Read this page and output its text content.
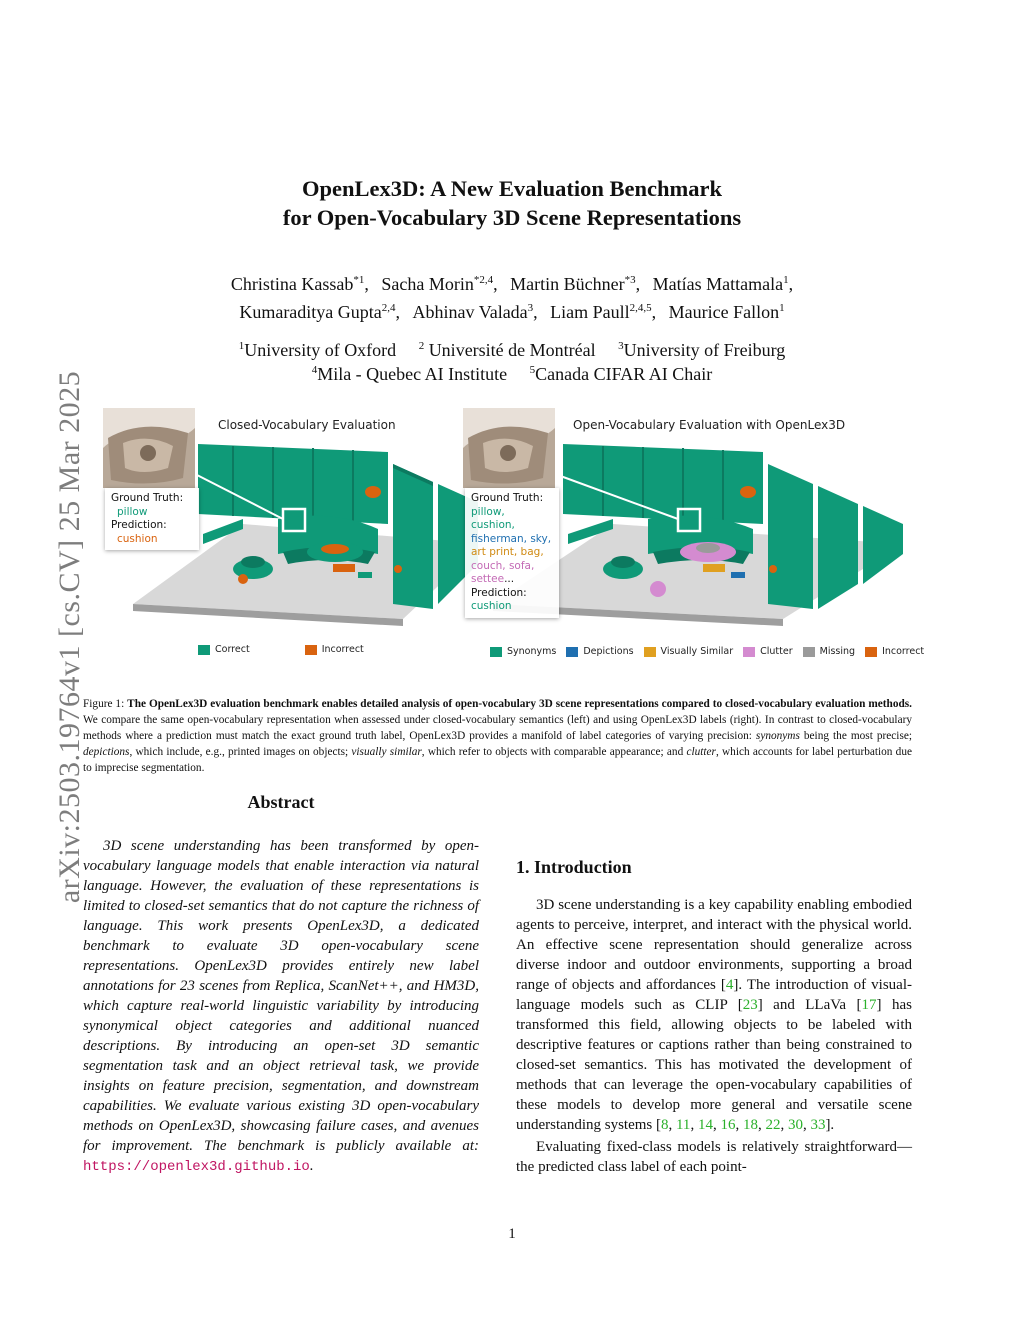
arXiv:2503.19764v1 [cs.CV] 25 Mar 2025
OpenLex3D: A New Evaluation Benchmark
for Open-Vocabulary 3D Scene Representations
Christina Kassab$^{*1}$, Sacha Morin$^{*2,4}$, Martin Büchner$^{*3}$, Matías Mattamala$^1$,
Kumaraditya Gupta$^{2,4}$, Abhinav Valada$^3$, Liam Paull$^{2,4,5}$, Maurice Fallon$^1$
$^1$University of Oxford $^2$ Université de Montréal $^3$University of Freiburg
$^4$Mila - Quebec AI Institute $^5$Canada CIFAR AI Chair
Closed-Vocabulary Evaluation
Ground Truth:
pillow
Prediction:
cushion
Open-Vocabulary Evaluation with OpenLex3D
Ground Truth:
pillow,
cushion,
fisherman, sky,
art print, bag,
couch, sofa,
settee...
Prediction:
cushion
Correct	Incorrect	Synonyms	Depictions	Visually Similar	Clutter	Missing	Incorrect
Figure 1: The OpenLex3D evaluation benchmark enables detailed analysis of open-vocabulary 3D scene representations compared to closed-vocabulary evaluation methods. We compare the same open-vocabulary representation when assessed under closed-vocabulary semantics (left) and using OpenLex3D labels (right). In contrast to closed-vocabulary methods where a prediction must match the exact ground truth label, OpenLex3D provides a manifold of label categories of varying precision: synonyms being the most precise; depictions, which include, e.g., printed images on objects; visually similar, which refer to objects with comparable appearance; and clutter, which accounts for label perturbation due to imprecise segmentation.
Abstract

3D scene understanding has been transformed by open-vocabulary language models that enable interaction via natural language. However, the evaluation of these representations is limited to closed-set semantics that do not capture the richness of language. This work presents OpenLex3D, a dedicated benchmark to evaluate 3D open-vocabulary scene representations. OpenLex3D provides entirely new label annotations for 23 scenes from Replica, ScanNet++, and HM3D, which capture real-world linguistic variability by introducing synonymical object categories and additional nuanced descriptions. By introducing an open-set 3D semantic segmentation task and an object retrieval task, we provide insights on feature precision, segmentation, and downstream capabilities. We evaluate various existing 3D open-vocabulary methods on OpenLex3D, showcasing failure cases, and avenues for improvement. The benchmark is publicly available at: https://openlex3d.github.io.

1. Introduction

3D scene understanding is a key capability enabling embodied agents to perceive, interpret, and interact with the physical world. An effective scene representation should generalize across diverse indoor and outdoor environments, supporting a broad range of objects and affordances [4]. The introduction of visual-language models such as CLIP [23] and LLaVa [17] has transformed this field, allowing objects to be labeled with descriptive features or captions rather than being constrained to closed-set semantics. This has motivated the development of methods that can leverage the open-vocabulary capabilities of these models to develop more general and versatile scene understanding systems [8, 11, 14, 16, 18, 22, 30, 33].

Evaluating fixed-class models is relatively straightforward—the predicted class label of each point-

1
